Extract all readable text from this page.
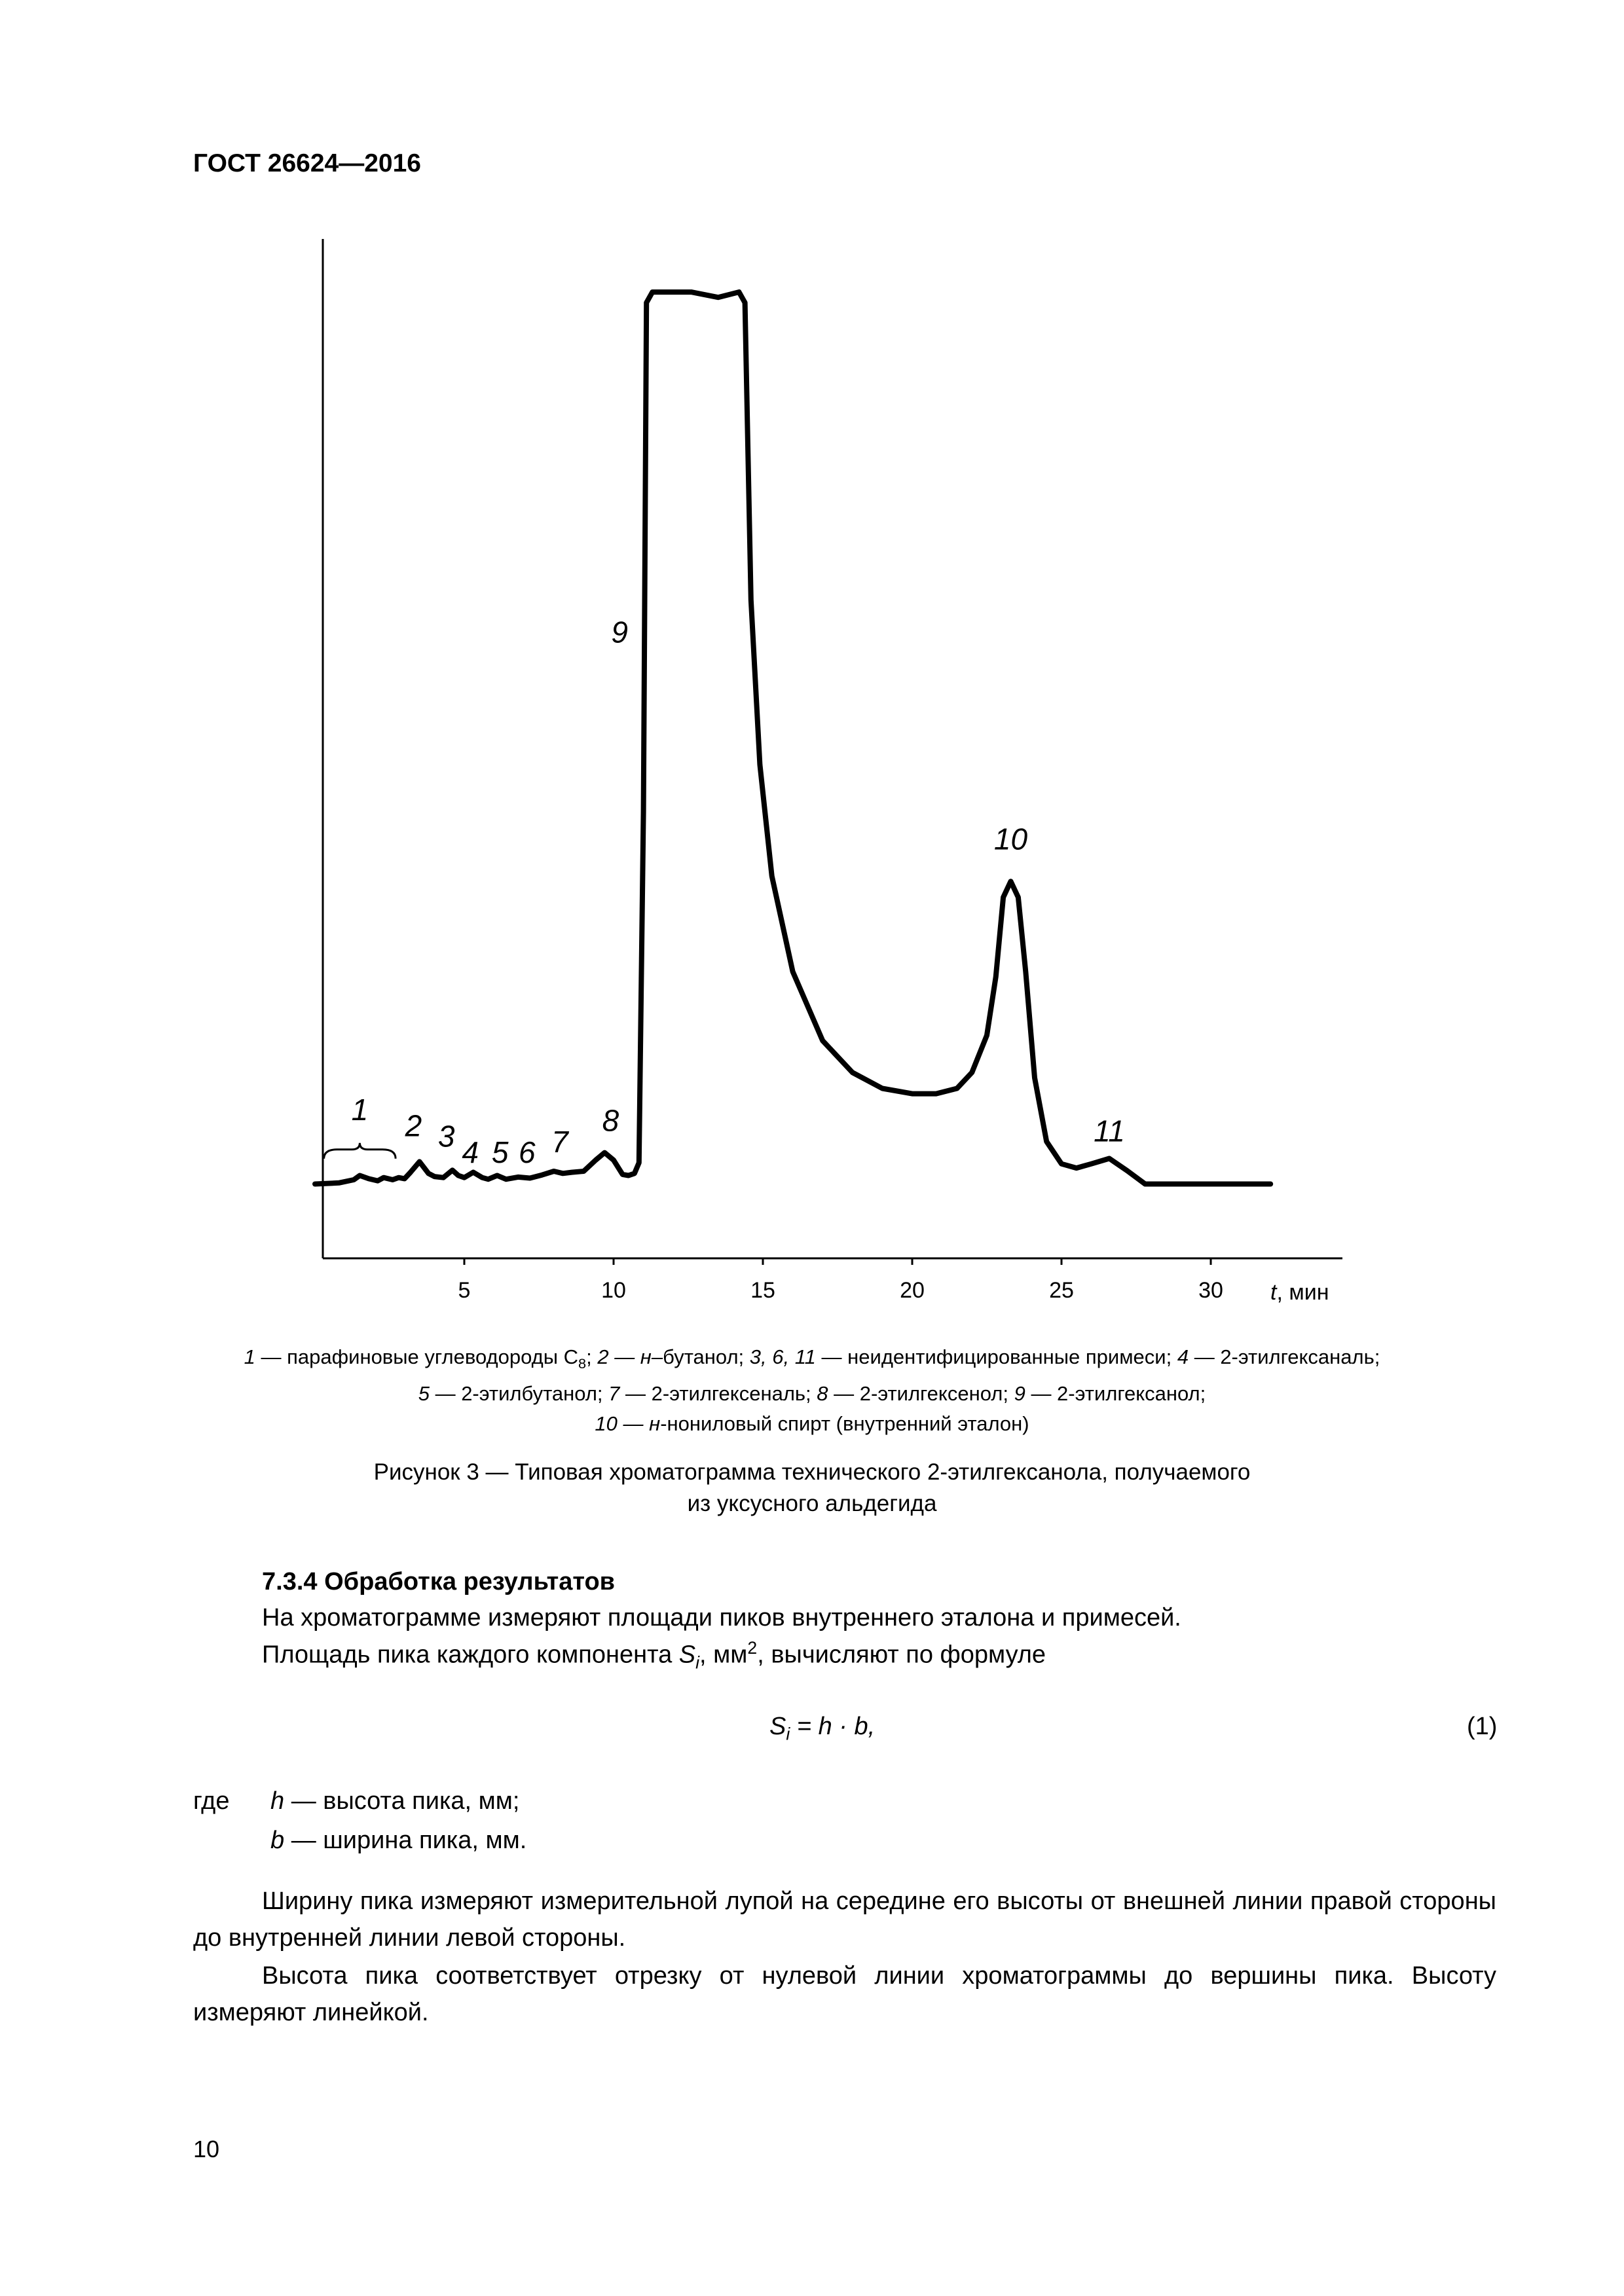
ГОСТ 26624—2016
5	10	15	20	25	30
1 2 3 4 5 6 7
8
9
10
11
t, мин
1 — парафиновые углеводороды $C_8$; 2 — н–бутанол; 3, 6, 11 — неидентифицированные примеси; 4 — 2-этилгексаналь;
5 — 2-этилбутанол; 7 — 2-этилгексеналь; 8 — 2-этилгексенол; 9 — 2-этилгексанол;
10 — н-нониловый спирт (внутренний эталон)
Рисунок 3 — Типовая хроматограмма технического 2-этилгексанола, получаемого
из уксусного альдегида
7.3.4 Обработка результатов
На хроматограмме измеряют площади пиков внутреннего эталона и примесей.
Площадь пика каждого компонента $S_i$, $мм^2$, вычисляют по формуле
$S_i = h \cdot b$,	(1)
где h — высота пика, мм;
b — ширина пика, мм.
Ширину пика измеряют измерительной лупой на середине его высоты от внешней линии правой стороны до внутренней линии левой стороны.
Высота пика соответствует отрезку от нулевой линии хроматограммы до вершины пика. Высоту измеряют линейкой.
10
